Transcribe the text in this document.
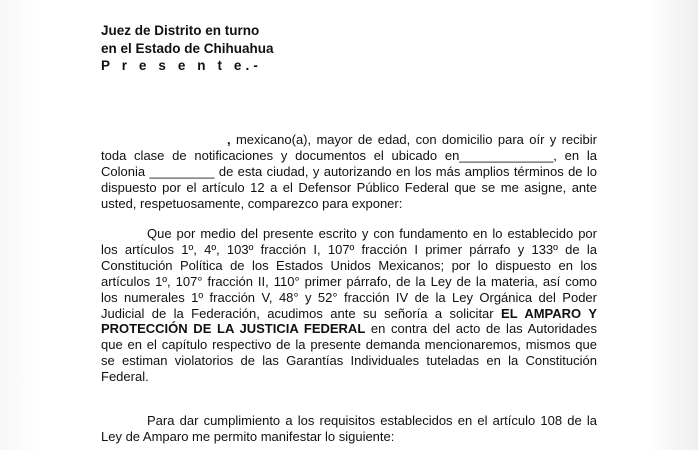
Juez de Distrito en turno
en el Estado de Chihuahua
P r e s e n t e.-

, mexicano(a), mayor de edad, con domicilio para oír y recibir toda clase de notificaciones y documentos el ubicado en_____________, en la Colonia _________ de esta ciudad, y autorizando en los más amplios términos de lo dispuesto por el artículo 12 a el Defensor Público Federal que se me asigne, ante usted, respetuosamente, comparezco para exponer:

Que por medio del presente escrito y con fundamento en lo establecido por los artículos 1º, 4º, 103º fracción I, 107º fracción I primer párrafo y 133º de la Constitución Política de los Estados Unidos Mexicanos; por lo dispuesto en los artículos 1º, 107° fracción II, 110° primer párrafo, de la Ley de la materia, así como los numerales 1º fracción V, 48° y 52° fracción IV de la Ley Orgánica del Poder Judicial de la Federación, acudimos ante su señoría a solicitar EL AMPARO Y PROTECCIÓN DE LA JUSTICIA FEDERAL en contra del acto de las Autoridades que en el capítulo respectivo de la presente demanda mencionaremos, mismos que se estiman violatorios de las Garantías Individuales tuteladas en la Constitución Federal.

Para dar cumplimiento a los requisitos establecidos en el artículo 108 de la Ley de Amparo me permito manifestar lo siguiente:
